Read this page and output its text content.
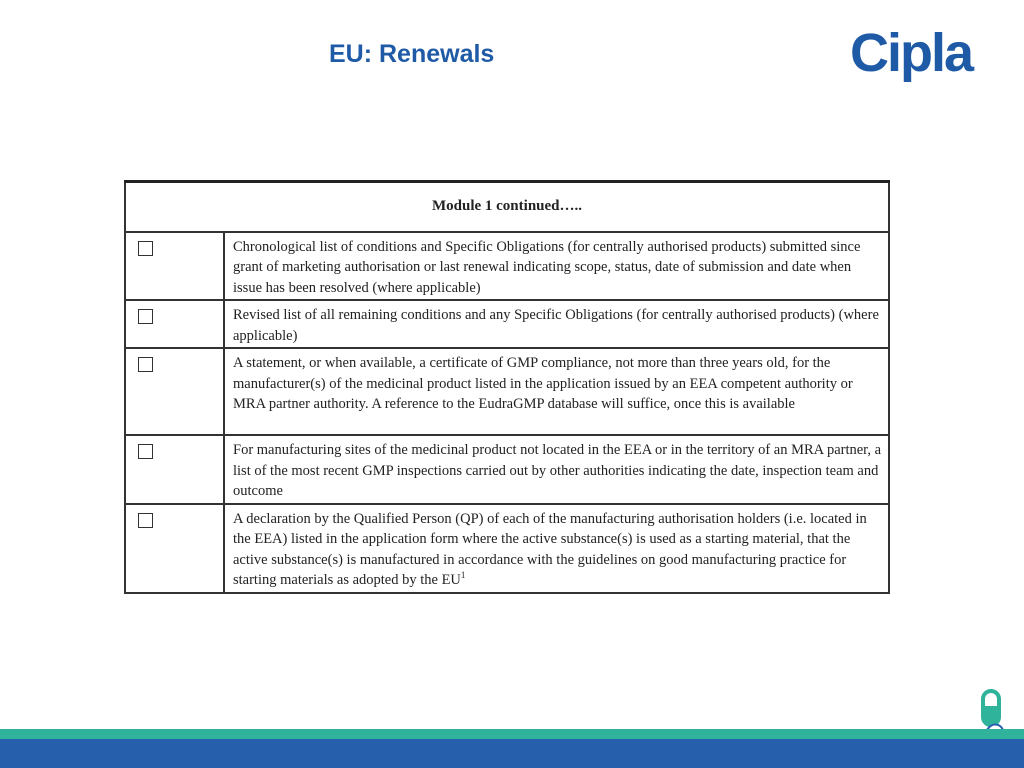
EU: Renewals	Cipla
Module 1 continued…..	

	Chronological list of conditions and Specific Obligations (for centrally authorised products) submitted since grant of marketing authorisation or last renewal indicating scope, status, date of submission and date when issue has been resolved (where applicable)

	Revised list of all remaining conditions and any Specific Obligations (for centrally authorised products) (where applicable)

	A statement, or when available, a certificate of GMP compliance, not more than three years old, for the manufacturer(s) of the medicinal product listed in the application issued by an EEA competent authority or MRA partner authority. A reference to the EudraGMP database will suffice, once this is available

	For manufacturing sites of the medicinal product not located in the EEA or in the territory of an MRA partner, a list of the most recent GMP inspections carried out by other authorities indicating the date, inspection team and outcome

	A declaration by the Qualified Person (QP) of each of the manufacturing authorisation holders (i.e. located in the EEA) listed in the application form where the active substance(s) is used as a starting material, that the active substance(s) is manufactured in accordance with the guidelines on good manufacturing practice for starting materials as adopted by the $EU^1$
25
